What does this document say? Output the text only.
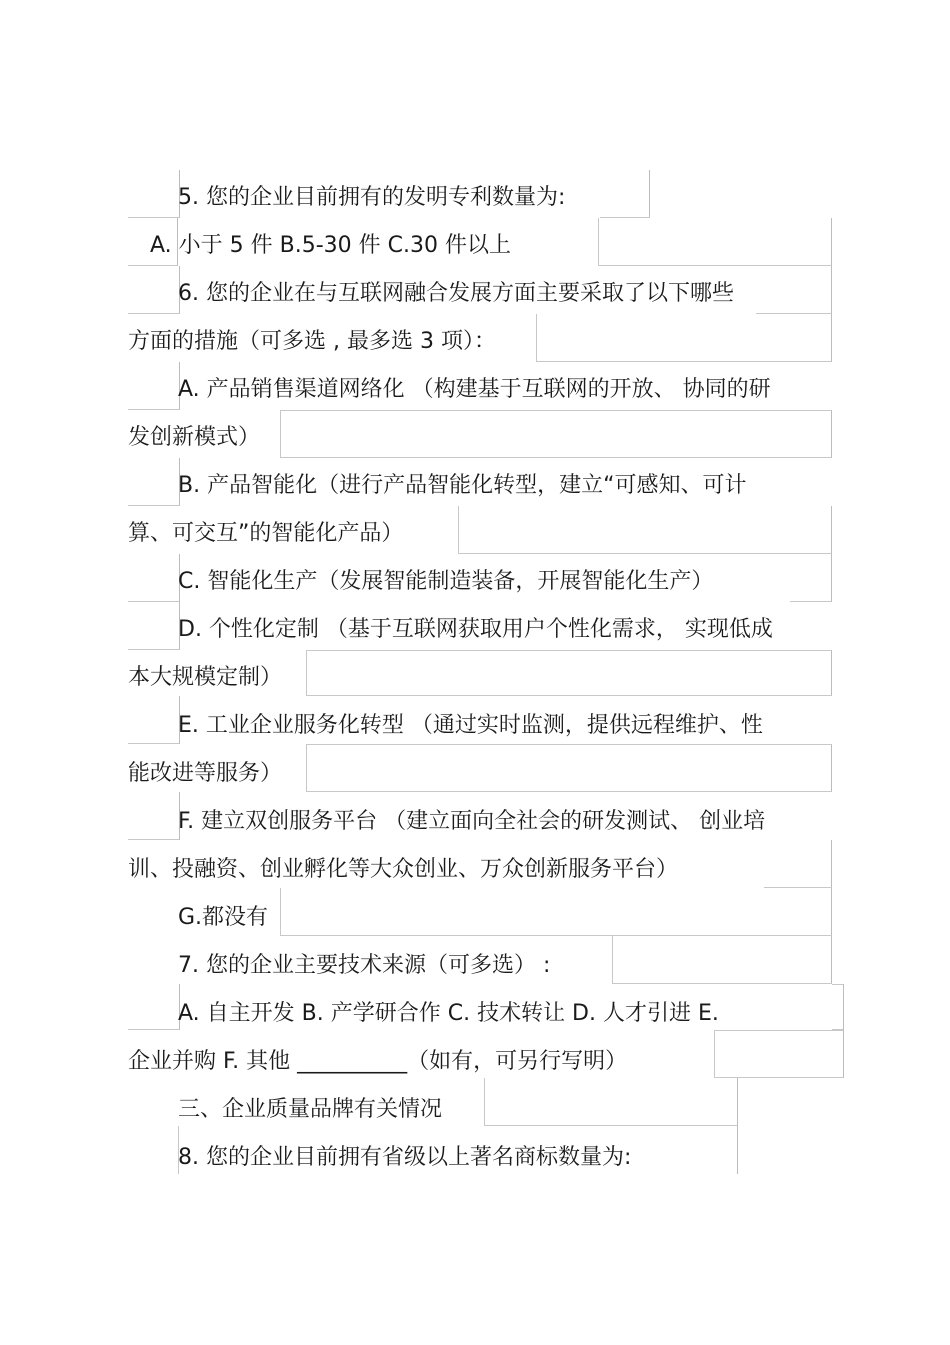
5. 您的企业目前拥有的发明专利数量为:
A. 小于 5 件 B.5-30 件 C.30 件以上
6. 您的企业在与互联网融合发展方面主要采取了以下哪些
方面的措施（可多选 , 最多选 3 项）：
A. 产品销售渠道网络化 （构建基于互联网的开放、 协同的研
发创新模式）
B. 产品智能化（进行产品智能化转型，建立“可感知、可计
算、可交互”的智能化产品）
C. 智能化生产（发展智能制造装备，开展智能化生产）
D. 个性化定制 （基于互联网获取用户个性化需求， 实现低成
本大规模定制）
E. 工业企业服务化转型 （通过实时监测，提供远程维护、性
能改进等服务）
F. 建立双创服务平台 （建立面向全社会的研发测试、 创业培
训、投融资、创业孵化等大众创业、万众创新服务平台）
G.都没有
7. 您的企业主要技术来源（可多选） :
A. 自主开发 B. 产学研合作 C. 技术转让 D. 人才引进 E.
企业并购 F. 其他 __________（如有，可另行写明）
三、企业质量品牌有关情况
8. 您的企业目前拥有省级以上著名商标数量为:
